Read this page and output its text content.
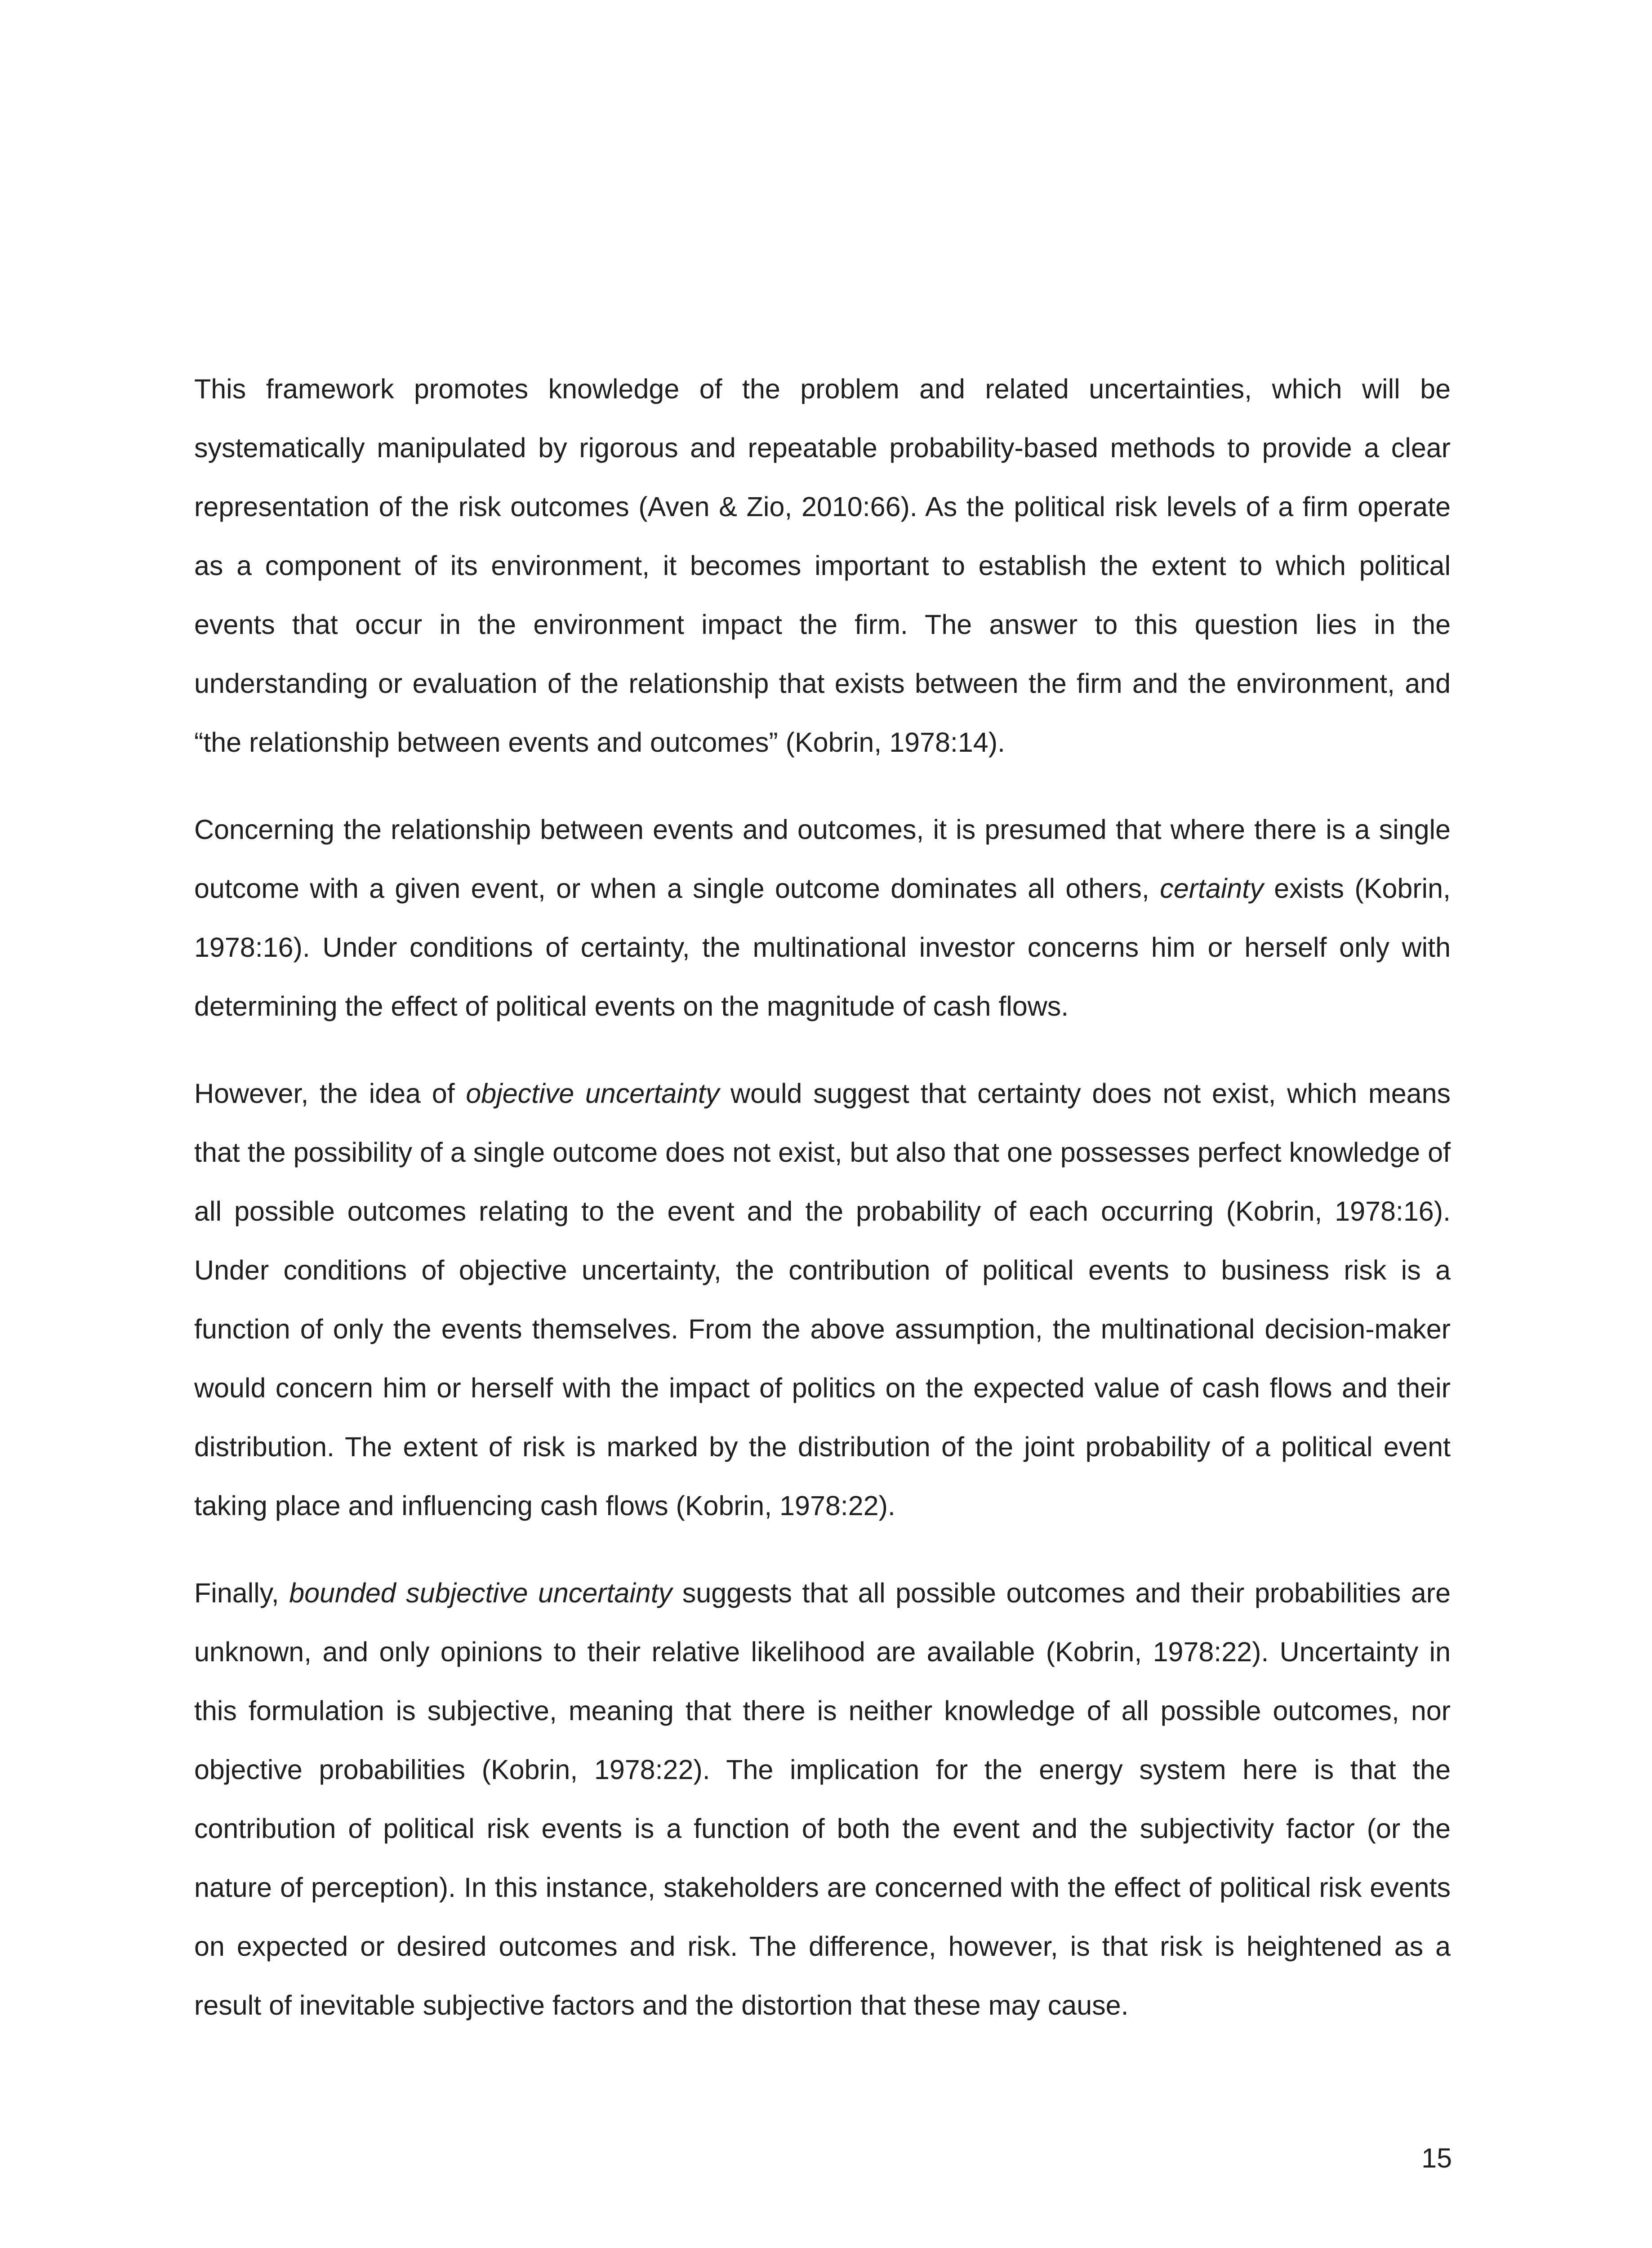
This framework promotes knowledge of the problem and related uncertainties, which will be systematically manipulated by rigorous and repeatable probability-based methods to provide a clear representation of the risk outcomes (Aven & Zio, 2010:66). As the political risk levels of a firm operate as a component of its environment, it becomes important to establish the extent to which political events that occur in the environment impact the firm. The answer to this question lies in the understanding or evaluation of the relationship that exists between the firm and the environment, and “the relationship between events and outcomes” (Kobrin, 1978:14).

Concerning the relationship between events and outcomes, it is presumed that where there is a single outcome with a given event, or when a single outcome dominates all others, certainty exists (Kobrin, 1978:16). Under conditions of certainty, the multinational investor concerns him or herself only with determining the effect of political events on the magnitude of cash flows.

However, the idea of objective uncertainty would suggest that certainty does not exist, which means that the possibility of a single outcome does not exist, but also that one possesses perfect knowledge of all possible outcomes relating to the event and the probability of each occurring (Kobrin, 1978:16). Under conditions of objective uncertainty, the contribution of political events to business risk is a function of only the events themselves. From the above assumption, the multinational decision-maker would concern him or herself with the impact of politics on the expected value of cash flows and their distribution. The extent of risk is marked by the distribution of the joint probability of a political event taking place and influencing cash flows (Kobrin, 1978:22).

Finally, bounded subjective uncertainty suggests that all possible outcomes and their probabilities are unknown, and only opinions to their relative likelihood are available (Kobrin, 1978:22). Uncertainty in this formulation is subjective, meaning that there is neither knowledge of all possible outcomes, nor objective probabilities (Kobrin, 1978:22). The implication for the energy system here is that the contribution of political risk events is a function of both the event and the subjectivity factor (or the nature of perception). In this instance, stakeholders are concerned with the effect of political risk events on expected or desired outcomes and risk. The difference, however, is that risk is heightened as a result of inevitable subjective factors and the distortion that these may cause.

15
